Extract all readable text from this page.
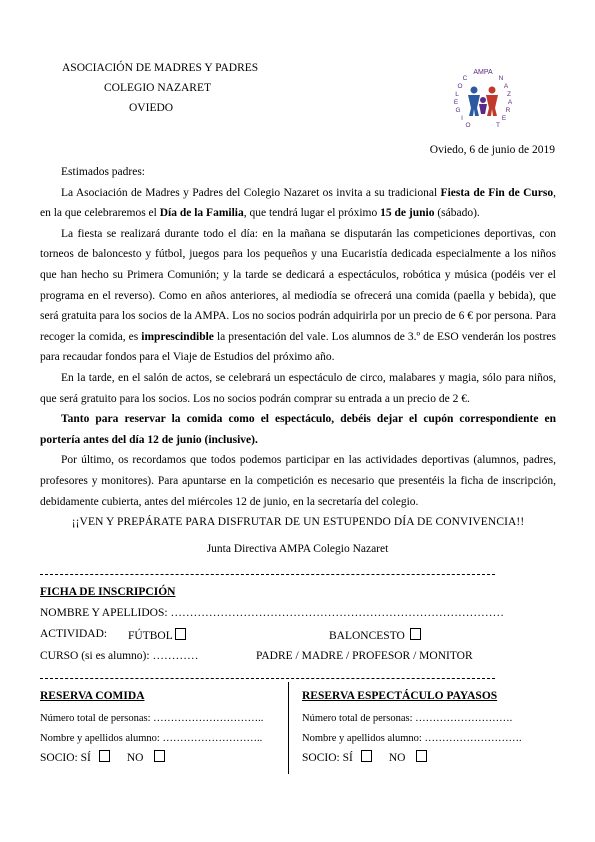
ASOCIACIÓN DE MADRES Y PADRES
COLEGIO NAZARET
OVIEDO
AMPA
C
O
L
E
G
I
O
N
A
Z
A
R
E
T
Oviedo, 6 de junio de 2019

Estimados padres:

La Asociación de Madres y Padres del Colegio Nazaret os invita a su tradicional Fiesta de Fin de Curso, en la que celebraremos el Día de la Familia, que tendrá lugar el próximo 15 de junio (sábado).

La fiesta se realizará durante todo el día: en la mañana se disputarán las competiciones deportivas, con torneos de baloncesto y fútbol, juegos para los pequeños y una Eucaristía dedicada especialmente a los niños que han hecho su Primera Comunión; y la tarde se dedicará a espectáculos, robótica y música (podéis ver el programa en el reverso). Como en años anteriores, al mediodía se ofrecerá una comida (paella y bebida), que será gratuita para los socios de la AMPA. Los no socios podrán adquirirla por un precio de 6 € por persona. Para recoger la comida, es imprescindible la presentación del vale. Los alumnos de 3.º de ESO venderán los postres para recaudar fondos para el Viaje de Estudios del próximo año.

En la tarde, en el salón de actos, se celebrará un espectáculo de circo, malabares y magia, sólo para niños, que será gratuito para los socios. Los no socios podrán comprar su entrada a un precio de 2 €.

Tanto para reservar la comida como el espectáculo, debéis dejar el cupón correspondiente en portería antes del día 12 de junio (inclusive).

Por último, os recordamos que todos podemos participar en las actividades deportivas (alumnos, padres, profesores y monitores). Para apuntarse en la competición es necesario que presentéis la ficha de inscripción, debidamente cubierta, antes del miércoles 12 de junio, en la secretaría del colegio.

¡¡VEN Y PREPÁRATE PARA DISFRUTAR DE UN ESTUPENDO DÍA DE CONVIVENCIA!!

Junta Directiva AMPA Colegio Nazaret
FICHA DE INSCRIPCIÓN
NOMBRE Y APELLIDOS: ……………………………………………………………………………
ACTIVIDAD: FÚTBOL	BALONCESTO
CURSO (si es alumno): …………	PADRE / MADRE / PROFESOR / MONITOR
RESERVA COMIDA
Número total de personas: …………………………..
Nombre y apellidos alumno: ………………………..
SOCIO: SÍ	NO
RESERVA ESPECTÁCULO PAYASOS
Número total de personas: ……………………….
Nombre y apellidos alumno: ……………………….
SOCIO: SÍ	NO
